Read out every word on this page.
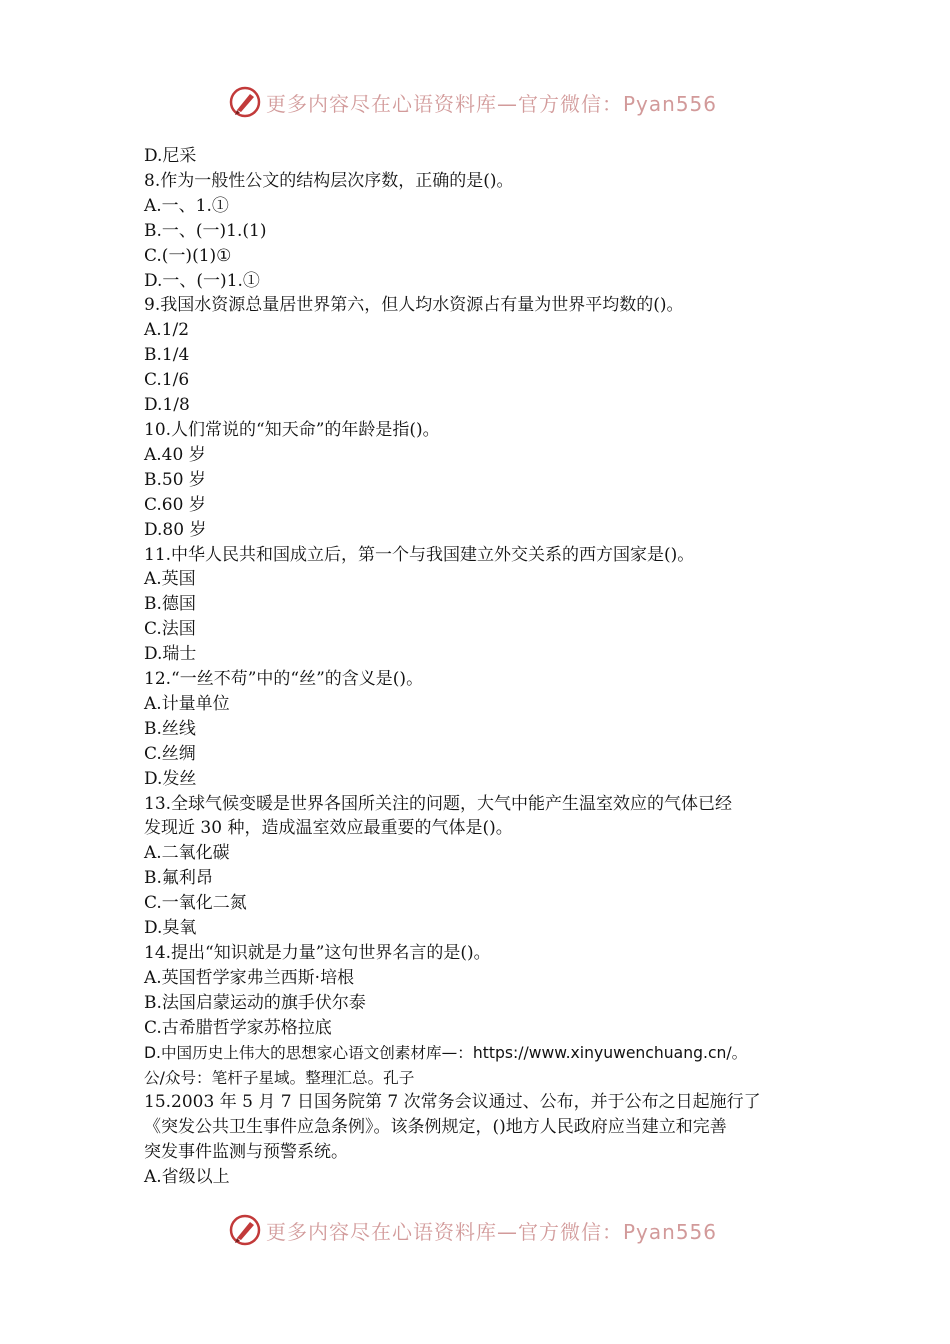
更多内容尽在心语资料库—官方微信：Pyan556
D.尼采
8.作为一般性公文的结构层次序数，正确的是()。
A.一、1.①
B.一、(一)1.(1)
C.(一)(1)①
D.一、(一)1.①
9.我国水资源总量居世界第六，但人均水资源占有量为世界平均数的()。
A.1/2
B.1/4
C.1/6
D.1/8
10.人们常说的“知天命”的年龄是指()。
A.40 岁
B.50 岁
C.60 岁
D.80 岁
11.中华人民共和国成立后，第一个与我国建立外交关系的西方国家是()。
A.英国
B.德国
C.法国
D.瑞士
12.“一丝不苟”中的“丝”的含义是()。
A.计量单位
B.丝线
C.丝绸
D.发丝
13.全球气候变暖是世界各国所关注的问题，大气中能产生温室效应的气体已经
发现近 30 种，造成温室效应最重要的气体是()。
A.二氧化碳
B.氟利昂
C.一氧化二氮
D.臭氧
14.提出“知识就是力量”这句世界名言的是()。
A.英国哲学家弗兰西斯·培根
B.法国启蒙运动的旗手伏尔泰
C.古希腊哲学家苏格拉底
D.中国历史上伟大的思想家心语文创素材库—：https://www.xinyuwenchuang.cn/。
公/众号：笔杆子星域。整理汇总。孔子
15.2003 年 5 月 7 日国务院第 7 次常务会议通过、公布，并于公布之日起施行了
《突发公共卫生事件应急条例》。该条例规定，()地方人民政府应当建立和完善
突发事件监测与预警系统。
A.省级以上
更多内容尽在心语资料库—官方微信：Pyan556
